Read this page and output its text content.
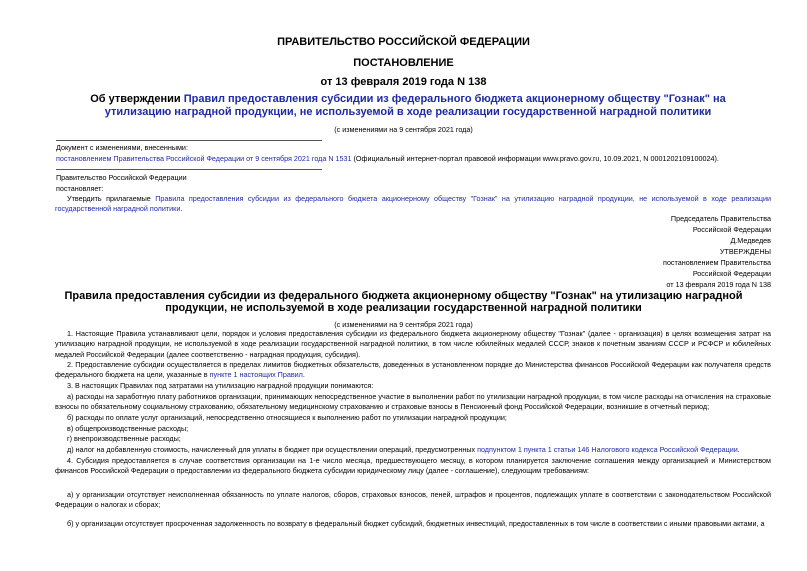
ПРАВИТЕЛЬСТВО РОССИЙСКОЙ ФЕДЕРАЦИИ
ПОСТАНОВЛЕНИЕ
от 13 февраля 2019 года N 138
Об утверждении Правил предоставления субсидии из федерального бюджета акционерному обществу "Гознак" на утилизацию наградной продукции, не используемой в ходе реализации государственной наградной политики
(с изменениями на 9 сентября 2021 года)
Документ с изменениями, внесенными:
постановлением Правительства Российской Федерации от 9 сентября 2021 года N 1531 (Официальный интернет-портал правовой информации www.pravo.gov.ru, 10.09.2021, N 0001202109100024).
Правительство Российской Федерации
постановляет:
Утвердить прилагаемые Правила предоставления субсидии из федерального бюджета акционерному обществу "Гознак" на утилизацию наградной продукции, не используемой в ходе реализации государственной наградной политики.
Председатель Правительства
Российской Федерации
Д.Медведев
УТВЕРЖДЕНЫ
постановлением Правительства
Российской Федерации
от 13 февраля 2019 года N 138
Правила предоставления субсидии из федерального бюджета акционерному обществу "Гознак" на утилизацию наградной продукции, не используемой в ходе реализации государственной наградной политики
(с изменениями на 9 сентября 2021 года)
1. Настоящие Правила устанавливают цели, порядок и условия предоставления субсидии из федерального бюджета акционерному обществу "Гознак" (далее - организация) в целях возмещения затрат на утилизацию наградной продукции, не используемой в ходе реализации государственной наградной политики, в том числе юбилейных медалей СССР, знаков к почетным званиям СССР и РСФСР и юбилейных медалей Российской Федерации (далее соответственно - наградная продукция, субсидия).
2. Предоставление субсидии осуществляется в пределах лимитов бюджетных обязательств, доведенных в установленном порядке до Министерства финансов Российской Федерации как получателя средств федерального бюджета на цели, указанные в пункте 1 настоящих Правил.
3. В настоящих Правилах под затратами на утилизацию наградной продукции понимаются:
а) расходы на заработную плату работников организации, принимающих непосредственное участие в выполнении работ по утилизации наградной продукции, в том числе расходы на отчисления на страховые взносы по обязательному социальному страхованию, обязательному медицинскому страхованию и страховые взносы в Пенсионный фонд Российской Федерации, возникшие в отчетный период;
б) расходы по оплате услуг организаций, непосредственно относящиеся к выполнению работ по утилизации наградной продукции;
в) общепроизводственные расходы;
г) внепроизводственные расходы;
д) налог на добавленную стоимость, начисленный для уплаты в бюджет при осуществлении операций, предусмотренных подпунктом 1 пункта 1 статьи 146 Налогового кодекса Российской Федерации.
4. Субсидия предоставляется в случае соответствия организации на 1-е число месяца, предшествующего месяцу, в котором планируется заключение соглашения между организацией и Министерством финансов Российской Федерации о предоставлении из федерального бюджета субсидии юридическому лицу (далее - соглашение), следующим требованиям:
а) у организации отсутствует неисполненная обязанность по уплате налогов, сборов, страховых взносов, пеней, штрафов и процентов, подлежащих уплате в соответствии с законодательством Российской Федерации о налогах и сборах;
б) у организации отсутствует просроченная задолженность по возврату в федеральный бюджет субсидий, бюджетных инвестиций, предоставленных в том числе в соответствии с иными правовыми актами, а
